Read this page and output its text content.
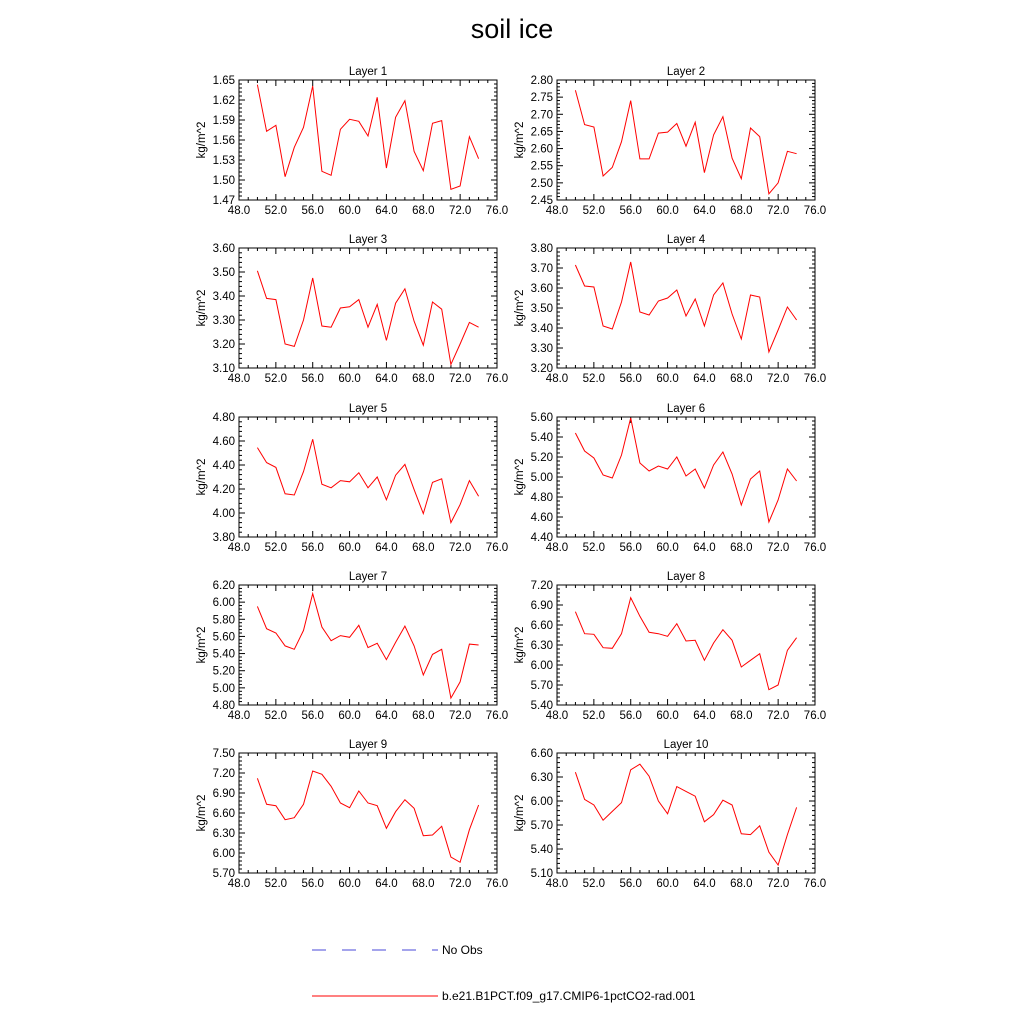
soil ice
48.0 52.0 56.0 60.0 64.0 68.0 72.0 76.0
1.47
1.50
1.53
1.56
1.59
1.62
1.65
Layer 1
kg/m^2
48.0 52.0 56.0 60.0 64.0 68.0 72.0 76.0
2.45
2.50
2.55
2.60
2.65
2.70
2.75
2.80
Layer 2
kg/m^2
48.0 52.0 56.0 60.0 64.0 68.0 72.0 76.0
3.10
3.20
3.30
3.40
3.50
3.60
Layer 3
kg/m^2
48.0 52.0 56.0 60.0 64.0 68.0 72.0 76.0
3.20
3.30
3.40
3.50
3.60
3.70
3.80
Layer 4
kg/m^2
48.0 52.0 56.0 60.0 64.0 68.0 72.0 76.0
3.80
4.00
4.20
4.40
4.60
4.80
Layer 5
kg/m^2
48.0 52.0 56.0 60.0 64.0 68.0 72.0 76.0
4.40
4.60
4.80
5.00
5.20
5.40
5.60
Layer 6
kg/m^2
48.0 52.0 56.0 60.0 64.0 68.0 72.0 76.0
4.80
5.00
5.20
5.40
5.60
5.80
6.00
6.20
Layer 7
kg/m^2
48.0 52.0 56.0 60.0 64.0 68.0 72.0 76.0
5.40
5.70
6.00
6.30
6.60
6.90
7.20
Layer 8
kg/m^2
48.0 52.0 56.0 60.0 64.0 68.0 72.0 76.0
5.70
6.00
6.30
6.60
6.90
7.20
7.50
Layer 9
kg/m^2
48.0 52.0 56.0 60.0 64.0 68.0 72.0 76.0
5.10
5.40
5.70
6.00
6.30
6.60
Layer 10
kg/m^2
No Obs
b.e21.B1PCT.f09_g17.CMIP6-1pctCO2-rad.001
